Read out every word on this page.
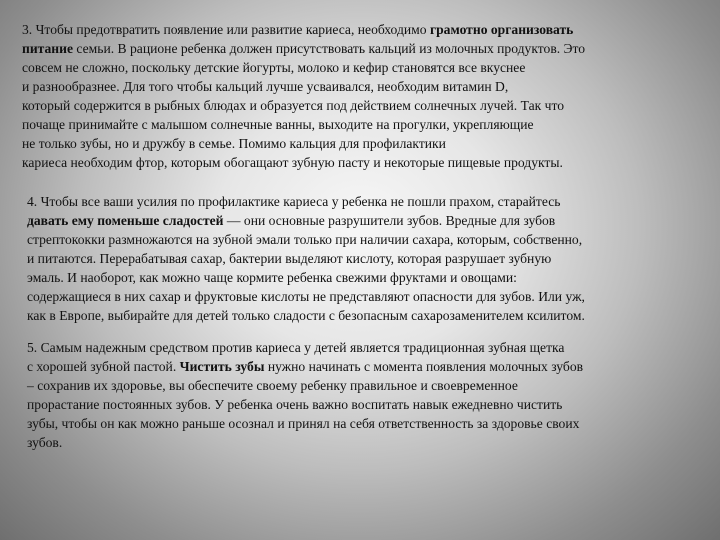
3. Чтобы предотвратить появление или развитие кариеса, необходимо грамотно организовать
питание семьи. В рационе ребенка должен присутствовать кальций из молочных продуктов. Это
совсем не сложно, поскольку детские йогурты, молоко и кефир становятся все вкуснее
и разнообразнее. Для того чтобы кальций лучше усваивался, необходим витамин D,
который содержится в рыбных блюдах и образуется под действием солнечных лучей. Так что
почаще принимайте с малышом солнечные ванны, выходите на прогулки, укрепляющие
не только зубы, но и дружбу в семье. Помимо кальция для профилактики
кариеса необходим фтор, которым обогащают зубную пасту и некоторые пищевые продукты.
4. Чтобы все ваши усилия по профилактике кариеса у ребенка не пошли прахом, старайтесь
давать ему поменьше сладостей — они основные разрушители зубов. Вредные для зубов
стрептококки размножаются на зубной эмали только при наличии сахара, которым, собственно,
и питаются. Перерабатывая сахар, бактерии выделяют кислоту, которая разрушает зубную
эмаль. И наоборот, как можно чаще кормите ребенка свежими фруктами и овощами:
содержащиеся в них сахар и фруктовые кислоты не представляют опасности для зубов. Или уж,
как в Европе, выбирайте для детей только сладости с безопасным сахарозаменителем ксилитом.
5. Самым надежным средством против кариеса у детей является традиционная зубная щетка
с хорошей зубной пастой. Чистить зубы нужно начинать с момента появления молочных зубов
– сохранив их здоровье, вы обеспечите своему ребенку правильное и своевременное
прорастание постоянных зубов. У ребенка очень важно воспитать навык ежедневно чистить
зубы, чтобы он как можно раньше осознал и принял на себя ответственность за здоровье своих
зубов.
